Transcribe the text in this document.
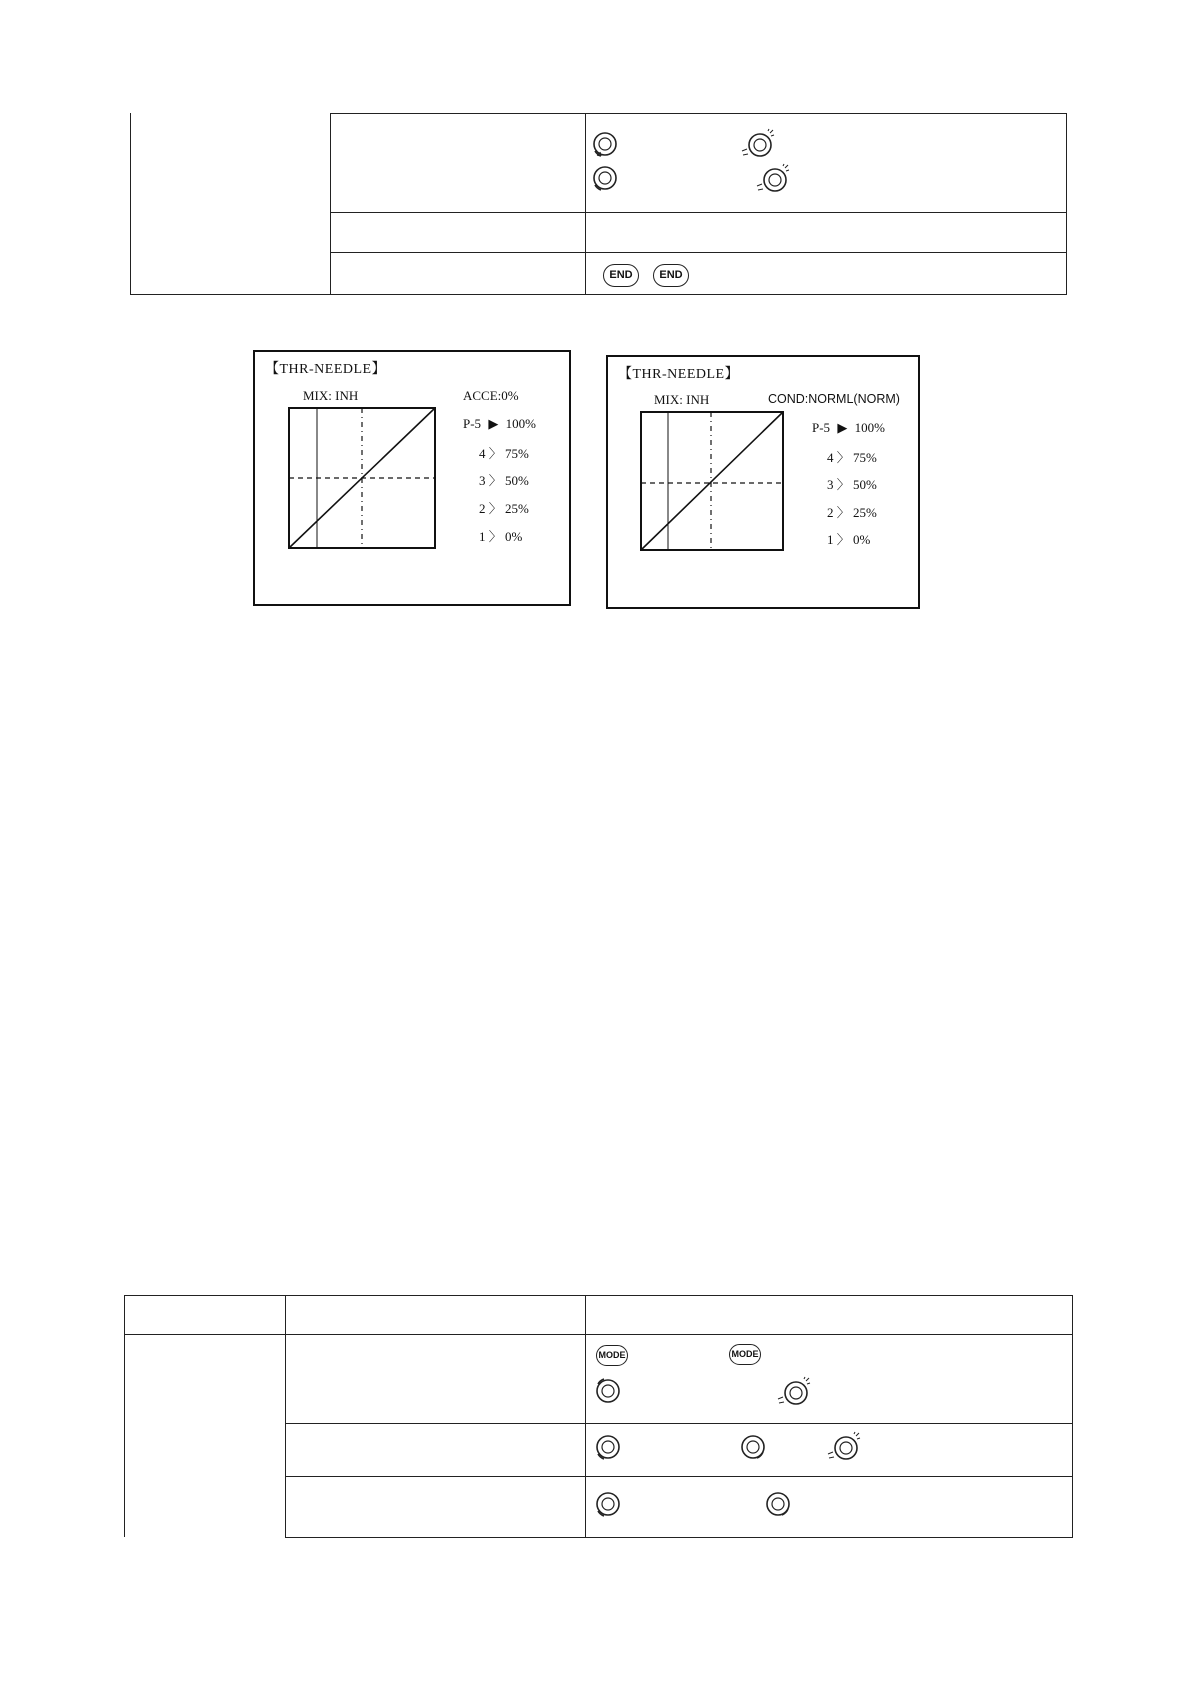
END	END
【THR-NEEDLE】
MIX: INH	ACCE:0%
P-5 ▶ 100%
4 〉 75%
3 〉 50%
2 〉 25%
1 〉 0%
【THR-NEEDLE】
MIX: INH	COND:NORML(NORM)
P-5 ▶ 100%
4 〉 75%
3 〉 50%
2 〉 25%
1 〉 0%
MODE	MODE
